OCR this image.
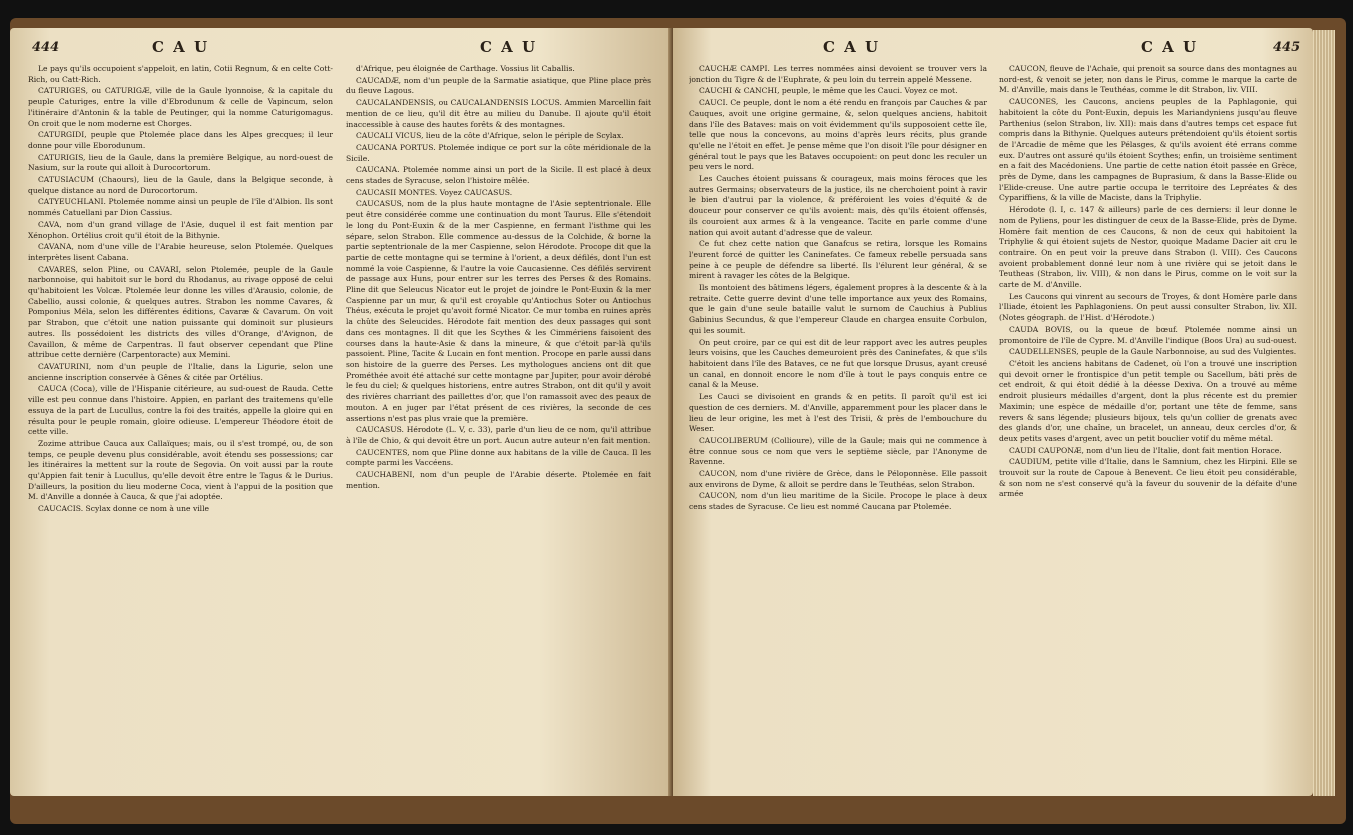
444	C A U	C A U

Le pays qu'ils occupoient s'appeloit, en latin, Cotii Regnum, & en celte Cott-Rich, ou Catt-Rich.

CATURIGES, ou CATURIGÆ, ville de la Gaule lyonnoise, & la capitale du peuple Caturiges, entre la ville d'Ebrodunum & celle de Vapincum, selon l'itinéraire d'Antonin & la table de Peutinger, qui la nomme Caturigomagus. On croit que le nom moderne est Chorges.

CATURGIDI, peuple que Ptolemée place dans les Alpes grecques; il leur donne pour ville Eborodunum.

CATURIGIS, lieu de la Gaule, dans la première Belgique, au nord-ouest de Nasium, sur la route qui alloit à Durocortorum.

CATUSIACUM (Chaours), lieu de la Gaule, dans la Belgique seconde, à quelque distance au nord de Durocortorum.

CATYEUCHLANI. Ptolemée nomme ainsi un peuple de l'île d'Albion. Ils sont nommés Catuellani par Dion Cassius.

CAVA, nom d'un grand village de l'Asie, duquel il est fait mention par Xénophon. Ortélius croit qu'il étoit de la Bithynie.

CAVANA, nom d'une ville de l'Arabie heureuse, selon Ptolemée. Quelques interprètes lisent Cabana.

CAVARES, selon Pline, ou CAVARI, selon Ptolemée, peuple de la Gaule narbonnoise, qui habitoit sur le bord du Rhodanus, au rivage opposé de celui qu'habitoient les Volcæ. Ptolemée leur donne les villes d'Arausio, colonie, de Cabellio, aussi colonie, & quelques autres. Strabon les nomme Cavares, & Pomponius Méla, selon les différentes éditions, Cavaræ & Cavarum. On voit par Strabon, que c'étoit une nation puissante qui dominoit sur plusieurs autres. Ils possédoient les districts des villes d'Orange, d'Avignon, de Cavaillon, & même de Carpentras. Il faut observer cependant que Pline attribue cette dernière (Carpentoracte) aux Memini.

CAVATURINI, nom d'un peuple de l'Italie, dans la Ligurie, selon une ancienne inscription conservée à Gênes & citée par Ortélius.

CAUCA (Coca), ville de l'Hispanie citérieure, au sud-ouest de Rauda. Cette ville est peu connue dans l'histoire. Appien, en parlant des traitemens qu'elle essuya de la part de Lucullus, contre la foi des traités, appelle la gloire qui en résulta pour le peuple romain, gloire odieuse. L'empereur Théodore étoit de cette ville.

Zozime attribue Cauca aux Callaïques; mais, ou il s'est trompé, ou, de son temps, ce peuple devenu plus considérable, avoit étendu ses possessions; car les itinéraires la mettent sur la route de Segovia. On voit aussi par la route qu'Appien fait tenir à Lucullus, qu'elle devoit être entre le Tagus & le Durius. D'ailleurs, la position du lieu moderne Coca, vient à l'appui de la position que M. d'Anville a donnée à Cauca, & que j'ai adoptée.

CAUCACIS. Scylax donne ce nom à une ville

d'Afrique, peu éloignée de Carthage. Vossius lit Caballis.

CAUCADÆ, nom d'un peuple de la Sarmatie asiatique, que Pline place près du fleuve Lagous.

CAUCALANDENSIS, ou CAUCALANDENSIS LOCUS. Ammien Marcellin fait mention de ce lieu, qu'il dit être au milieu du Danube. Il ajoute qu'il étoit inaccessible à cause des hautes forêts & des montagnes.

CAUCALI VICUS, lieu de la côte d'Afrique, selon le périple de Scylax.

CAUCANA PORTUS. Ptolemée indique ce port sur la côte méridionale de la Sicile.

CAUCANA. Ptolemée nomme ainsi un port de la Sicile. Il est placé à deux cens stades de Syracuse, selon l'histoire mêlée.

CAUCASII MONTES. Voyez CAUCASUS.

CAUCASUS, nom de la plus haute montagne de l'Asie septentrionale. Elle peut être considérée comme une continuation du mont Taurus. Elle s'étendoit le long du Pont-Euxin & de la mer Caspienne, en fermant l'isthme qui les sépare, selon Strabon. Elle commence au-dessus de la Colchide, & borne la partie septentrionale de la mer Caspienne, selon Hérodote. Procope dit que la partie de cette montagne qui se termine à l'orient, a deux défilés, dont l'un est nommé la voie Caspienne, & l'autre la voie Caucasienne. Ces défilés servirent de passage aux Huns, pour entrer sur les terres des Perses & des Romains. Pline dit que Seleucus Nicator eut le projet de joindre le Pont-Euxin & la mer Caspienne par un mur, & qu'il est croyable qu'Antiochus Soter ou Antiochus Théus, exécuta le projet qu'avoit formé Nicator. Ce mur tomba en ruines après la chûte des Seleucides. Hérodote fait mention des deux passages qui sont dans ces montagnes. Il dit que les Scythes & les Cimmériens faisoient des courses dans la haute-Asie & dans la mineure, & que c'étoit par-là qu'ils passoient. Pline, Tacite & Lucain en font mention. Procope en parle aussi dans son histoire de la guerre des Perses. Les mythologues anciens ont dit que Prométhée avoit été attaché sur cette montagne par Jupiter, pour avoir dérobé le feu du ciel; & quelques historiens, entre autres Strabon, ont dit qu'il y avoit des rivières charriant des paillettes d'or, que l'on ramassoit avec des peaux de mouton. A en juger par l'état présent de ces rivières, la seconde de ces assertions n'est pas plus vraie que la première.

CAUCASUS. Hérodote (L. V, c. 33), parle d'un lieu de ce nom, qu'il attribue à l'île de Chio, & qui devoit être un port. Aucun autre auteur n'en fait mention.

CAUCENTES, nom que Pline donne aux habitans de la ville de Cauca. Il les compte parmi les Vaccéens.

CAUCHABENI, nom d'un peuple de l'Arabie déserte. Ptolemée en fait mention.

C A U	C A U	445

CAUCHÆ CAMPI. Les terres nommées ainsi devoient se trouver vers la jonction du Tigre & de l'Euphrate, & peu loin du terrein appelé Messene.

CAUCHI & CANCHI, peuple, le même que les Cauci. Voyez ce mot.

CAUCI. Ce peuple, dont le nom a été rendu en françois par Cauches & par Cauques, avoit une origine germaine, &, selon quelques anciens, habitoit dans l'île des Bataves: mais on voit évidemment qu'ils supposoient cette île, telle que nous la concevons, au moins d'après leurs récits, plus grande qu'elle ne l'étoit en effet. Je pense même que l'on disoit l'île pour désigner en général tout le pays que les Bataves occupoient: on peut donc les reculer un peu vers le nord.

Les Cauches étoient puissans & courageux, mais moins féroces que les autres Germains; observateurs de la justice, ils ne cherchoient point à ravir le bien d'autrui par la violence, & préféroient les voies d'équité & de douceur pour conserver ce qu'ils avoient: mais, dès qu'ils étoient offensés, ils couroient aux armes & à la vengeance. Tacite en parle comme d'une nation qui avoit autant d'adresse que de valeur.

Ce fut chez cette nation que Ganafcus se retira, lorsque les Romains l'eurent forcé de quitter les Caninefates. Ce fameux rebelle persuada sans peine à ce peuple de défendre sa liberté. Ils l'élurent leur général, & se mirent à ravager les côtes de la Belgique.

Ils montoient des bâtimens légers, également propres à la descente & à la retraite. Cette guerre devint d'une telle importance aux yeux des Romains, que le gain d'une seule bataille valut le surnom de Cauchius à Publius Gabinius Secundus, & que l'empereur Claude en chargea ensuite Corbulon, qui les soumit.

On peut croire, par ce qui est dit de leur rapport avec les autres peuples leurs voisins, que les Cauches demeuroient près des Caninefates, & que s'ils habitoient dans l'île des Bataves, ce ne fut que lorsque Drusus, ayant creusé un canal, en donnoit encore le nom d'île à tout le pays conquis entre ce canal & la Meuse.

Les Cauci se divisoient en grands & en petits. Il paroît qu'il est ici question de ces derniers. M. d'Anville, apparemment pour les placer dans le lieu de leur origine, les met à l'est des Trisii, & près de l'embouchure du Weser.

CAUCOLIBERUM (Collioure), ville de la Gaule; mais qui ne commence à être connue sous ce nom que vers le septième siècle, par l'Anonyme de Ravenne.

CAUCON, nom d'une rivière de Grèce, dans le Péloponnèse. Elle passoit aux environs de Dyme, & alloit se perdre dans le Teuthéas, selon Strabon.

CAUCON, nom d'un lieu maritime de la Sicile. Procope le place à deux cens stades de Syracuse. Ce lieu est nommé Caucana par Ptolemée.

CAUCON, fleuve de l'Achaïe, qui prenoit sa source dans des montagnes au nord-est, & venoit se jeter, non dans le Pirus, comme le marque la carte de M. d'Anville, mais dans le Teuthéas, comme le dit Strabon, liv. VIII.

CAUCONES, les Caucons, anciens peuples de la Paphlagonie, qui habitoient la côte du Pont-Euxin, depuis les Mariandyniens jusqu'au fleuve Parthenius (selon Strabon, liv. XII): mais dans d'autres temps cet espace fut compris dans la Bithynie. Quelques auteurs prétendoient qu'ils étoient sortis de l'Arcadie de même que les Pélasges, & qu'ils avoient été errans comme eux. D'autres ont assuré qu'ils étoient Scythes; enfin, un troisième sentiment en a fait des Macédoniens. Une partie de cette nation étoit passée en Grèce, près de Dyme, dans les campagnes de Buprasium, & dans la Basse-Elide ou l'Elide-creuse. Une autre partie occupa le territoire des Lepréates & des Cypariffiens, & la ville de Maciste, dans la Triphylie.

Hérodote (l. I, c. 147 & ailleurs) parle de ces derniers: il leur donne le nom de Pyliens, pour les distinguer de ceux de la Basse-Elide, près de Dyme. Homère fait mention de ces Caucons, & non de ceux qui habitoient la Triphylie & qui étoient sujets de Nestor, quoique Madame Dacier ait cru le contraire. On en peut voir la preuve dans Strabon (l. VIII). Ces Caucons avoient probablement donné leur nom à une rivière qui se jetoit dans le Teutheas (Strabon, liv. VIII), & non dans le Pirus, comme on le voit sur la carte de M. d'Anville.

Les Caucons qui vinrent au secours de Troyes, & dont Homère parle dans l'Iliade, étoient les Paphlagoniens. On peut aussi consulter Strabon, liv. XII. (Notes géograph. de l'Hist. d'Hérodote.)

CAUDA BOVIS, ou la queue de bœuf. Ptolemée nomme ainsi un promontoire de l'île de Cypre. M. d'Anville l'indique (Boos Ura) au sud-ouest.

CAUDELLENSES, peuple de la Gaule Narbonnoise, au sud des Vulgientes.

C'étoit les anciens habitans de Cadenet, où l'on a trouvé une inscription qui devoit orner le frontispice d'un petit temple ou Sacellum, bâti près de cet endroit, & qui étoit dédié à la déesse Dexiva. On a trouvé au même endroit plusieurs médailles d'argent, dont la plus récente est du premier Maximin; une espèce de médaille d'or, portant une tête de femme, sans revers & sans légende; plusieurs bijoux, tels qu'un collier de grenats avec des glands d'or, une chaîne, un bracelet, un anneau, deux cercles d'or, & deux petits vases d'argent, avec un petit bouclier votif du même métal.

CAUDI CAUPONÆ, nom d'un lieu de l'Italie, dont fait mention Horace.

CAUDIUM, petite ville d'Italie, dans le Samnium, chez les Hirpini. Elle se trouvoit sur la route de Capoue à Benevent. Ce lieu étoit peu considérable, & son nom ne s'est conservé qu'à la faveur du souvenir de la défaite d'une armée
